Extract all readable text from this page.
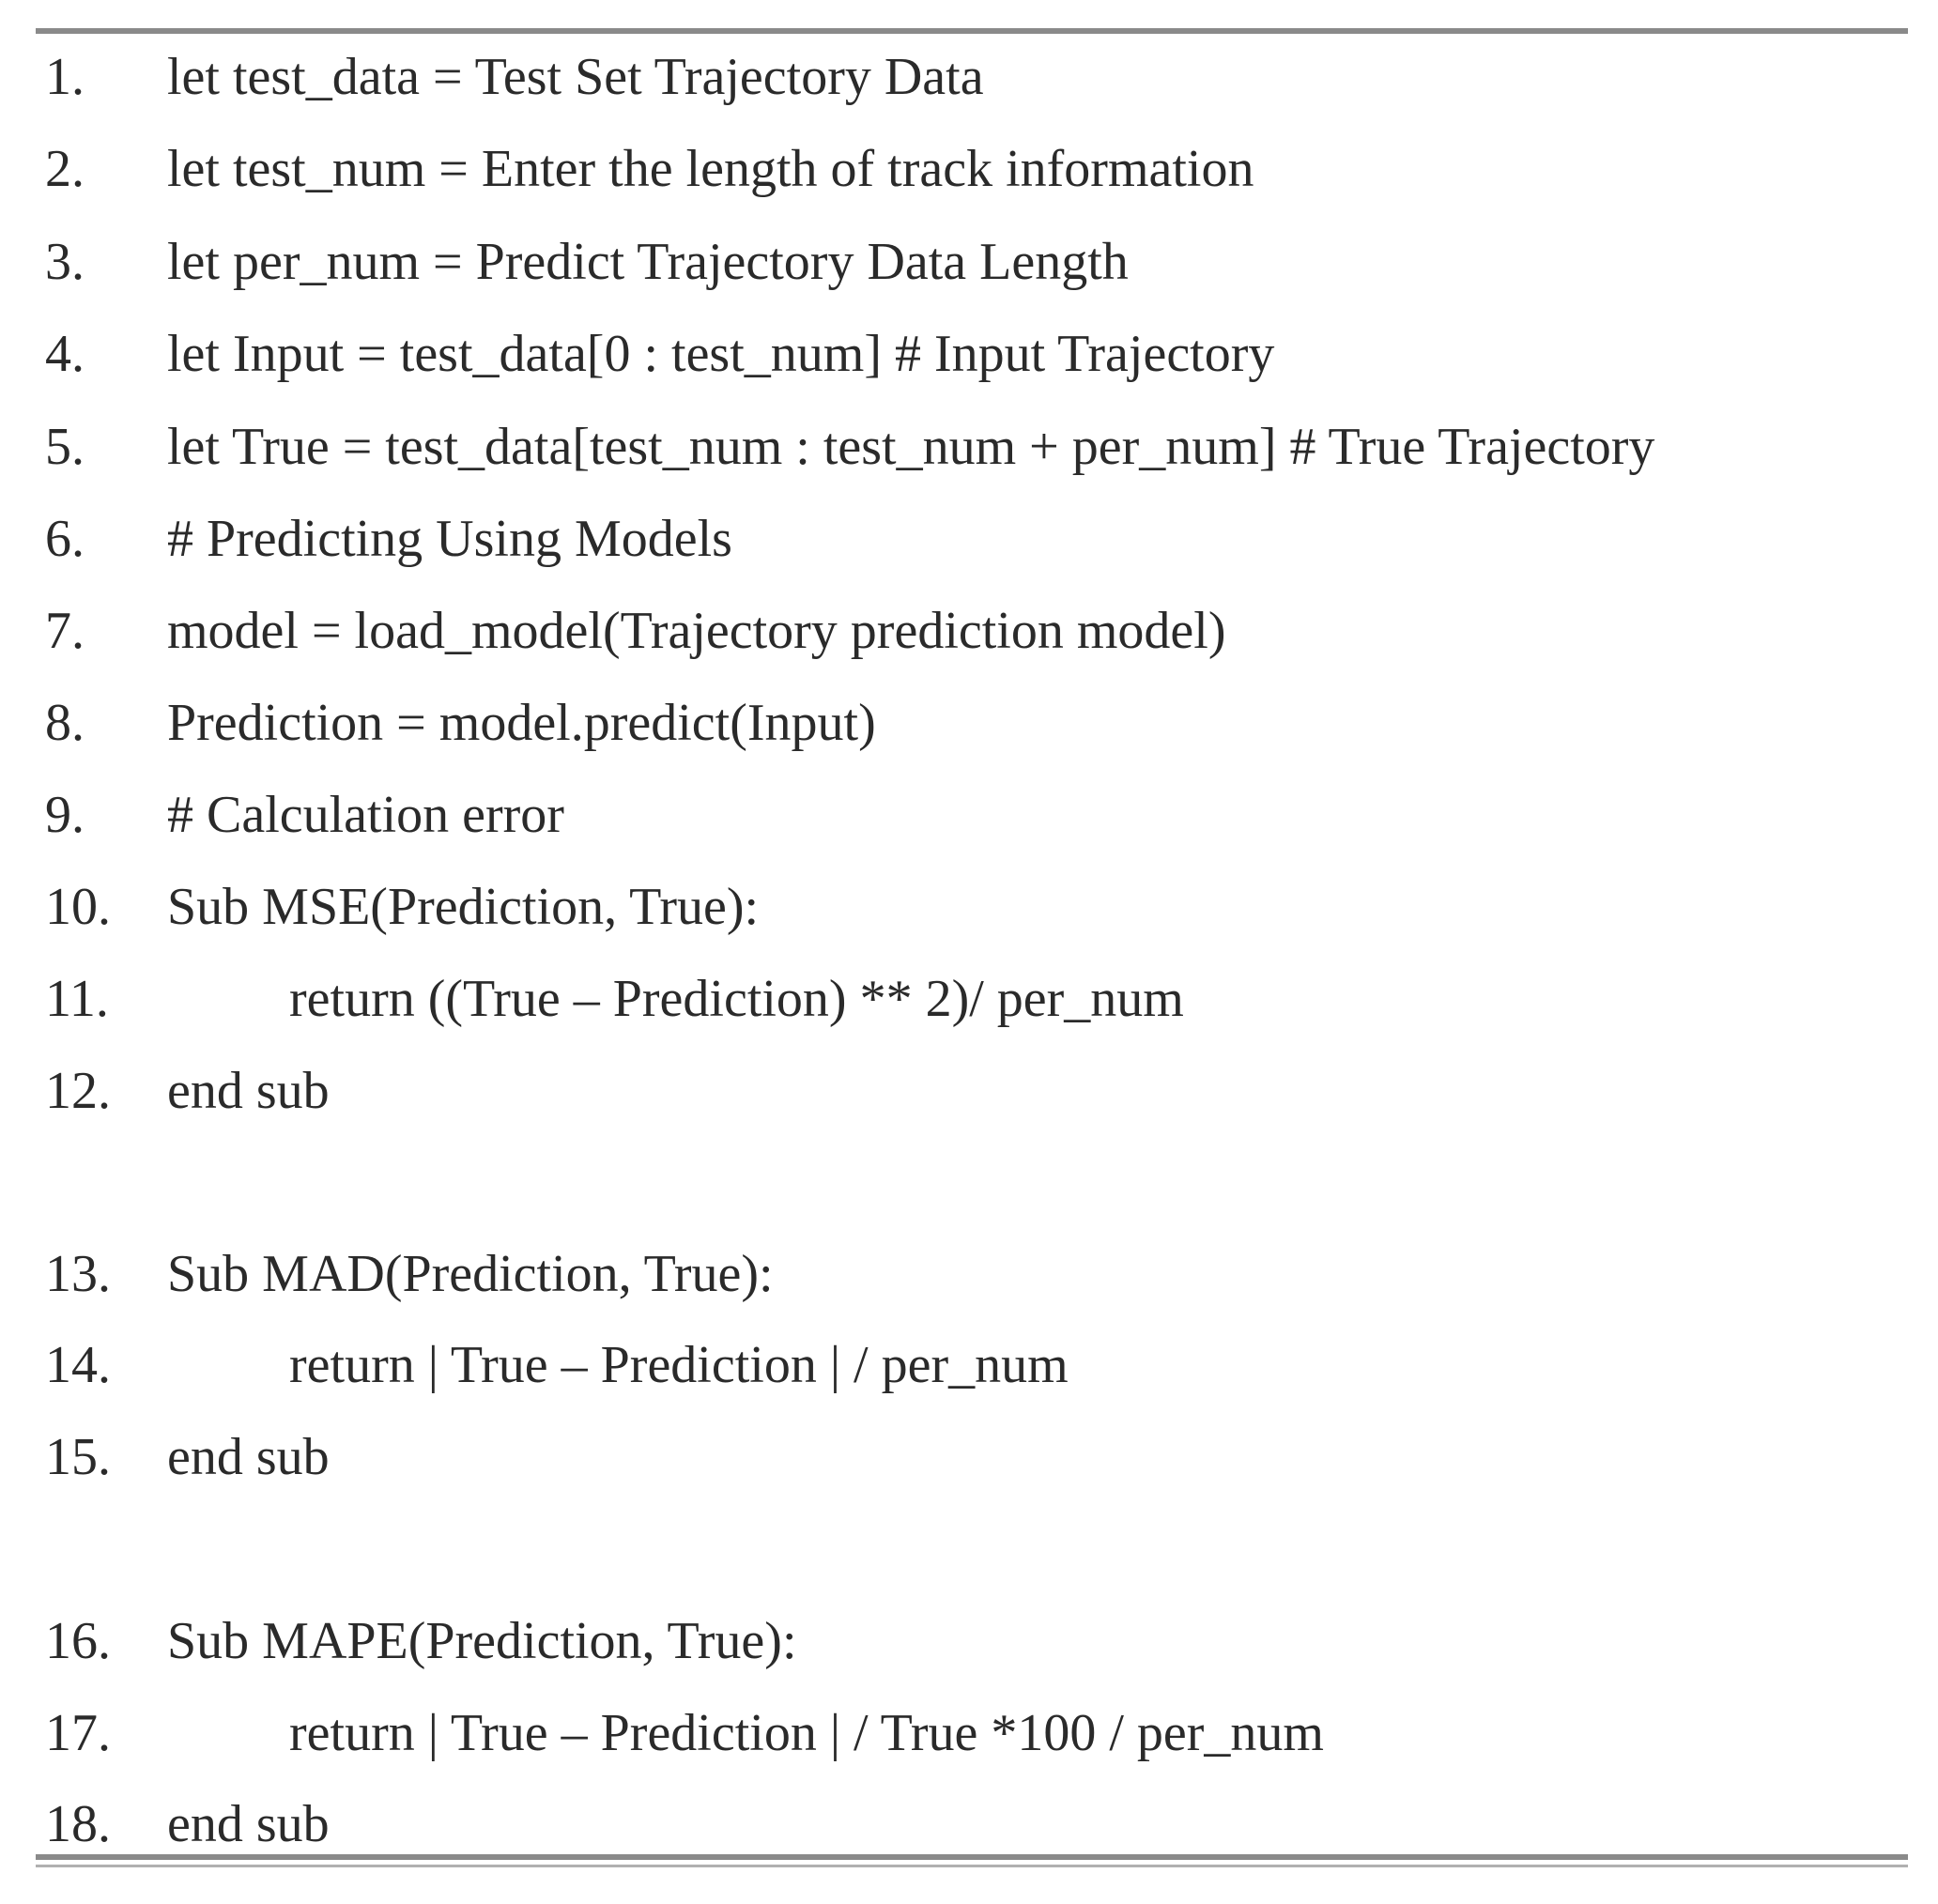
1. let test_data = Test Set Trajectory Data
2. let test_num = Enter the length of track information
3. let per_num = Predict Trajectory Data Length
4. let Input = test_data[0 : test_num] # Input Trajectory
5. let True = test_data[test_num : test_num + per_num] # True Trajectory
6. # Predicting Using Models
7. model = load_model(Trajectory prediction model)
8. Prediction = model.predict(Input)
9. # Calculation error
10. Sub MSE(Prediction, True):
11.	return ((True – Prediction) ** 2)/ per_num
12. end sub
13. Sub MAD(Prediction, True):
14.	return | True – Prediction | / per_num
15. end sub
16. Sub MAPE(Prediction, True):
17.	return | True – Prediction | / True *100 / per_num
18. end sub
